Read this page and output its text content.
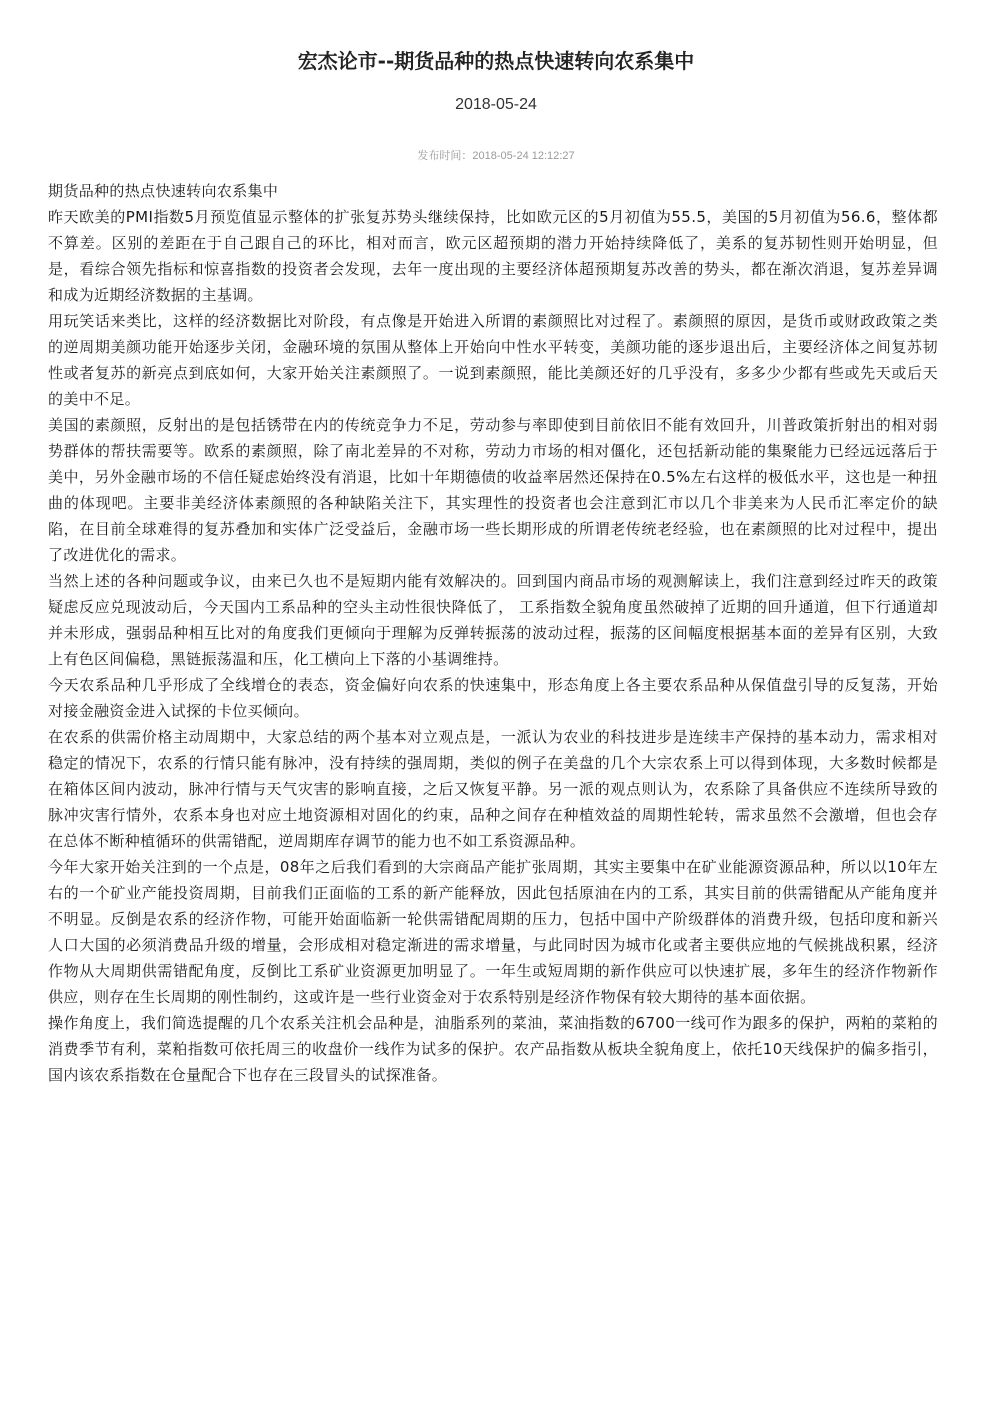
宏杰论市--期货品种的热点快速转向农系集中
2018-05-24
发布时间：2018-05-24 12:12:27

期货品种的热点快速转向农系集中

昨天欧美的PMI指数5月预览值显示整体的扩张复苏势头继续保持，比如欧元区的5月初值为55.5，美国的5月初值为56.6，整体都不算差。区别的差距在于自己跟自己的环比，相对而言，欧元区超预期的潜力开始持续降低了，美系的复苏韧性则开始明显，但是，看综合领先指标和惊喜指数的投资者会发现，去年一度出现的主要经济体超预期复苏改善的势头，都在渐次消退，复苏差异调和成为近期经济数据的主基调。

用玩笑话来类比，这样的经济数据比对阶段，有点像是开始进入所谓的素颜照比对过程了。素颜照的原因，是货币或财政政策之类的逆周期美颜功能开始逐步关闭，金融环境的氛围从整体上开始向中性水平转变，美颜功能的逐步退出后，主要经济体之间复苏韧性或者复苏的新亮点到底如何，大家开始关注素颜照了。一说到素颜照，能比美颜还好的几乎没有，多多少少都有些或先天或后天的美中不足。

美国的素颜照，反射出的是包括锈带在内的传统竞争力不足，劳动参与率即使到目前依旧不能有效回升，川普政策折射出的相对弱势群体的帮扶需要等。欧系的素颜照，除了南北差异的不对称，劳动力市场的相对僵化，还包括新动能的集聚能力已经远远落后于美中，另外金融市场的不信任疑虑始终没有消退，比如十年期德债的收益率居然还保持在0.5%左右这样的极低水平，这也是一种扭曲的体现吧。主要非美经济体素颜照的各种缺陷关注下，其实理性的投资者也会注意到汇市以几个非美来为人民币汇率定价的缺陷，在目前全球难得的复苏叠加和实体广泛受益后，金融市场一些长期形成的所谓老传统老经验，也在素颜照的比对过程中，提出了改进优化的需求。

当然上述的各种问题或争议，由来已久也不是短期内能有效解决的。回到国内商品市场的观测解读上，我们注意到经过昨天的政策疑虑反应兑现波动后，今天国内工系品种的空头主动性很快降低了， 工系指数全貌角度虽然破掉了近期的回升通道，但下行通道却并未形成，强弱品种相互比对的角度我们更倾向于理解为反弹转振荡的波动过程，振荡的区间幅度根据基本面的差异有区别，大致上有色区间偏稳，黑链振荡温和压，化工横向上下落的小基调维持。

今天农系品种几乎形成了全线增仓的表态，资金偏好向农系的快速集中，形态角度上各主要农系品种从保值盘引导的反复荡，开始对接金融资金进入试探的卡位买倾向。

在农系的供需价格主动周期中，大家总结的两个基本对立观点是，一派认为农业的科技进步是连续丰产保持的基本动力，需求相对稳定的情况下，农系的行情只能有脉冲，没有持续的强周期，类似的例子在美盘的几个大宗农系上可以得到体现，大多数时候都是在箱体区间内波动，脉冲行情与天气灾害的影响直接，之后又恢复平静。另一派的观点则认为，农系除了具备供应不连续所导致的脉冲灾害行情外，农系本身也对应土地资源相对固化的约束，品种之间存在种植效益的周期性轮转，需求虽然不会激增，但也会存在总体不断种植循环的供需错配，逆周期库存调节的能力也不如工系资源品种。

今年大家开始关注到的一个点是，08年之后我们看到的大宗商品产能扩张周期，其实主要集中在矿业能源资源品种，所以以10年左右的一个矿业产能投资周期，目前我们正面临的工系的新产能释放，因此包括原油在内的工系，其实目前的供需错配从产能角度并不明显。反倒是农系的经济作物，可能开始面临新一轮供需错配周期的压力，包括中国中产阶级群体的消费升级，包括印度和新兴人口大国的必须消费品升级的增量，会形成相对稳定渐进的需求增量，与此同时因为城市化或者主要供应地的气候挑战积累，经济作物从大周期供需错配角度，反倒比工系矿业资源更加明显了。一年生或短周期的新作供应可以快速扩展，多年生的经济作物新作供应，则存在生长周期的刚性制约，这或许是一些行业资金对于农系特别是经济作物保有较大期待的基本面依据。

操作角度上，我们简选提醒的几个农系关注机会品种是，油脂系列的菜油，菜油指数的6700一线可作为跟多的保护，两粕的菜粕的消费季节有利，菜粕指数可依托周三的收盘价一线作为试多的保护。农产品指数从板块全貌角度上，依托10天线保护的偏多指引，国内该农系指数在仓量配合下也存在三段冒头的试探准备。
